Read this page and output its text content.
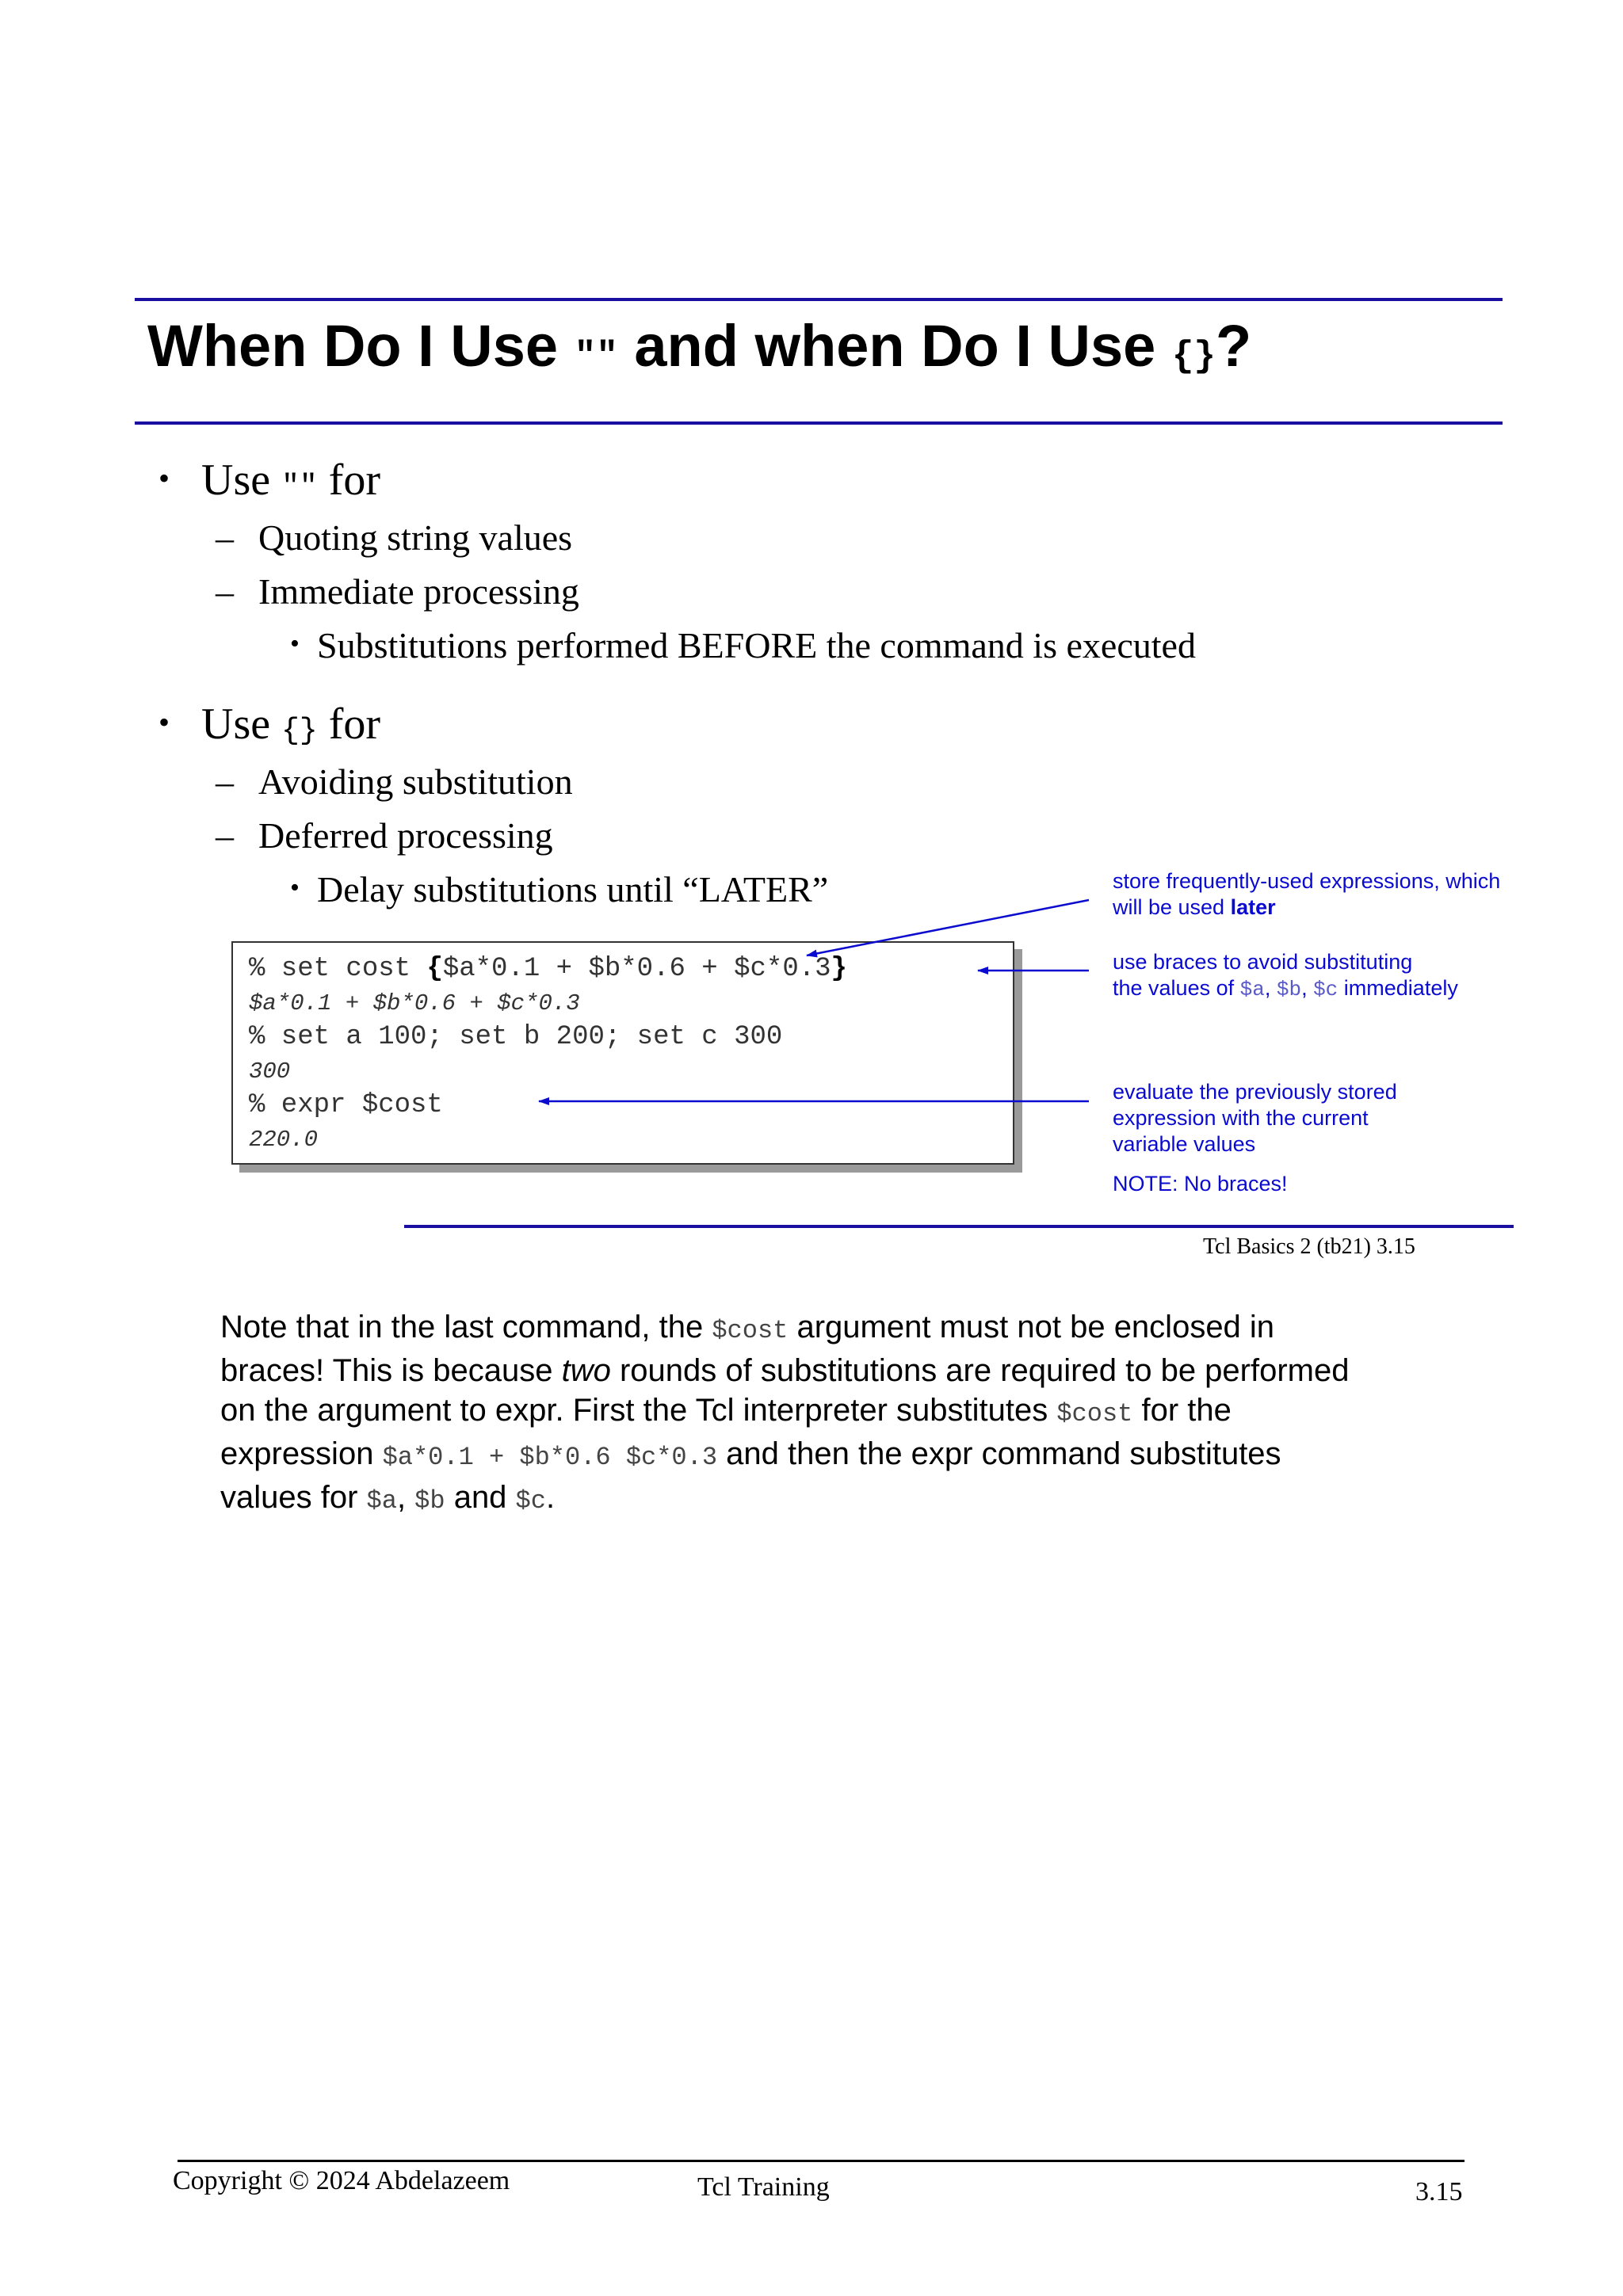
When Do I Use "" and when Do I Use {}?
• Use "" for
– Quoting string values
– Immediate processing
• Substitutions performed BEFORE the command is executed
• Use {} for
– Avoiding substitution
– Deferred processing
• Delay substitutions until “LATER”
% set cost {$a*0.1 + $b*0.6 + $c*0.3}
$a*0.1 + $b*0.6 + $c*0.3
% set a 100; set b 200; set c 300
300
% expr $cost
220.0
store frequently-used expressions, which
will be used later
use braces to avoid substituting
the values of $a, $b, $c immediately
evaluate the previously stored
expression with the current
variable values
NOTE: No braces!
Tcl Basics 2 (tb21) 3.15

Note that in the last command, the $cost argument must not be enclosed in

braces! This is because two rounds of substitutions are required to be performed

on the argument to expr. First the Tcl interpreter substitutes $cost for the

expression $a*0.1 + $b*0.6 $c*0.3 and then the expr command substitutes

values for $a, $b and $c.

Copyright © 2024 Abdelazeem	Tcl Training	3.15
